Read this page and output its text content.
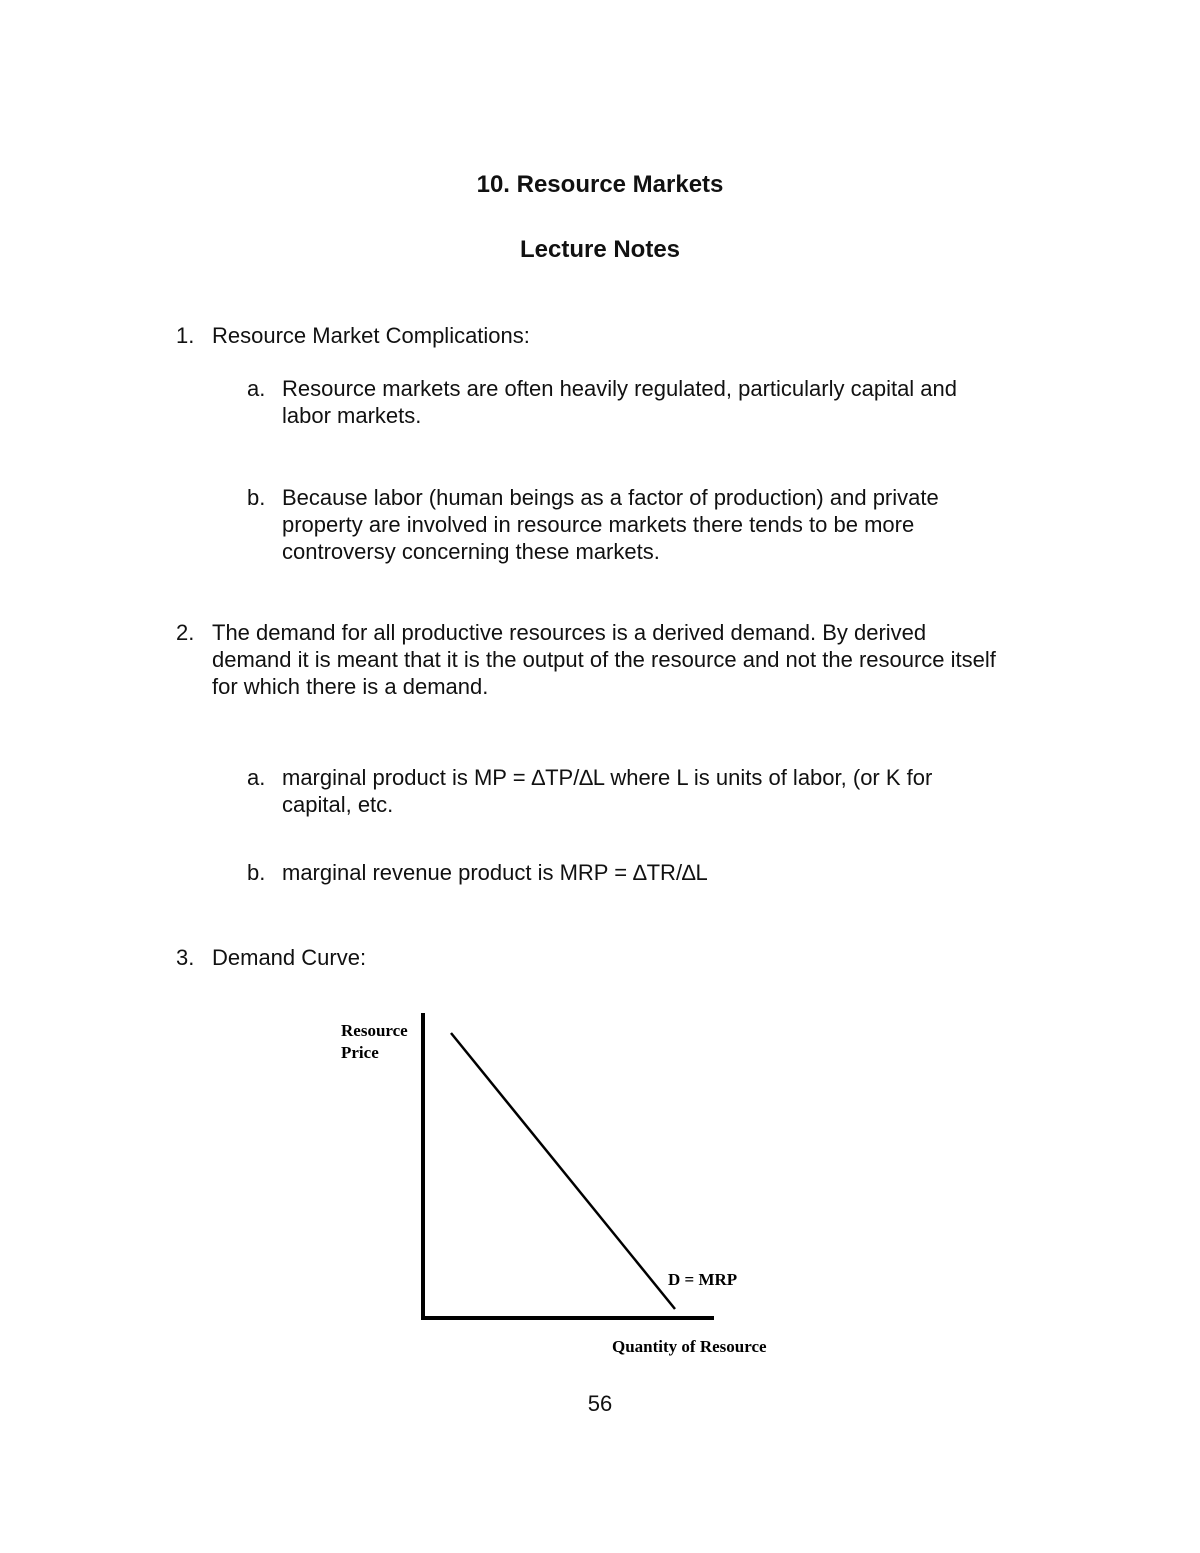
10. Resource Markets
Lecture Notes
1. Resource Market Complications:
a. Resource markets are often heavily regulated, particularly capital and
labor markets.
b. Because labor (human beings as a factor of production) and private
property are involved in resource markets there tends to be more
controversy concerning these markets.
2. The demand for all productive resources is a derived demand. By derived
demand it is meant that it is the output of the resource and not the resource itself
for which there is a demand.
a. marginal product is MP = ∆TP/∆L where L is units of labor, (or K for
capital, etc.
b. marginal revenue product is MRP = ∆TR/∆L
3. Demand Curve:
Resource
Price
D = MRP
Quantity of Resource
56
